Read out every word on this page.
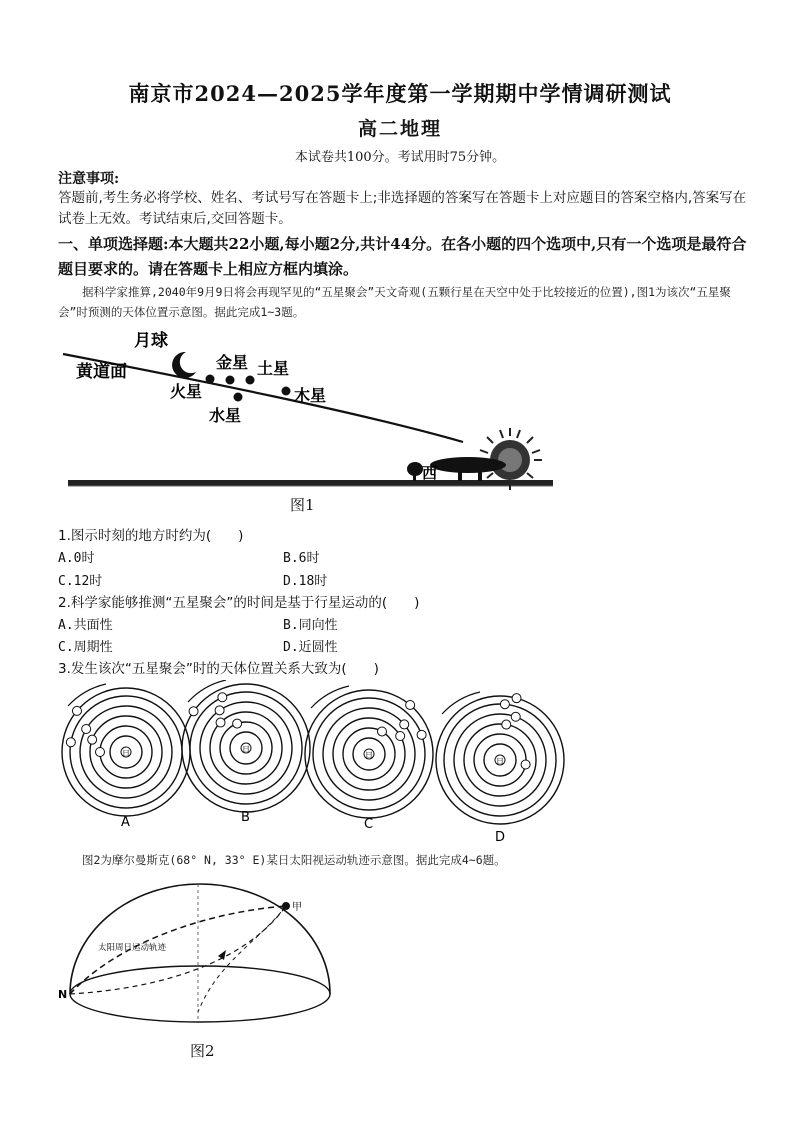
南京市2024—2025学年度第一学期期中学情调研测试
高二地理
本试卷共100分。考试用时75分钟。
注意事项:
答题前,考生务必将学校、姓名、考试号写在答题卡上;非选择题的答案写在答题卡上对应题目的答案空格内,答案写在试卷上无效。考试结束后,交回答题卡。
一、单项选择题:本大题共22小题,每小题2分,共计44分。在各小题的四个选项中,只有一个选项是最符合题目要求的。请在答题卡上相应方框内填涂。
据科学家推算,2040年9月9日将会再现罕见的“五星聚会”天文奇观(五颗行星在天空中处于比较接近的位置),图1为该次“五星聚会”时预测的天体位置示意图。据此完成1~3题。
月球
金星 土星
黄道面
火星	木星
水星
西
图1
1.图示时刻的地方时约为(　　)
A.0时	B.6时
C.12时	D.18时
2.科学家能够推测“五星聚会”的时间是基于行星运动的(　　)
A.共面性	B.同向性
C.周期性	D.近圆性
3.发生该次“五星聚会”时的天体位置关系大致为(　　)
日	日
日
日
A	B	C
D
图2为摩尔曼斯克(68° N, 33° E)某日太阳视运动轨迹示意图。据此完成4~6题。
甲
太阳周日运动轨迹
N
图2
